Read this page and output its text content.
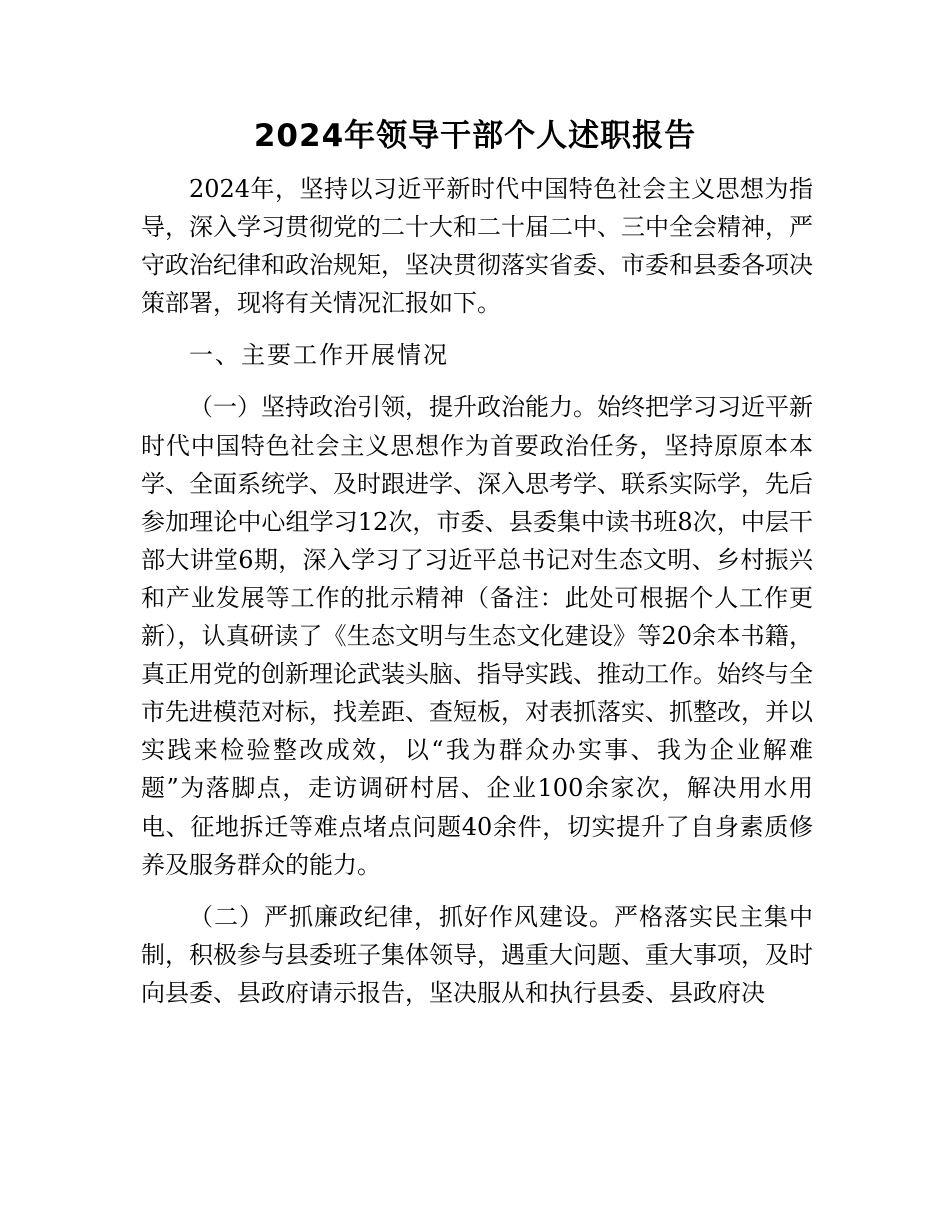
2024年领导干部个人述职报告

2024年，坚持以习近平新时代中国特色社会主义思想为指导，深入学习贯彻党的二十大和二十届二中、三中全会精神，严守政治纪律和政治规矩，坚决贯彻落实省委、市委和县委各项决策部署，现将有关情况汇报如下。

一、主要工作开展情况

（一）坚持政治引领，提升政治能力。始终把学习习近平新时代中国特色社会主义思想作为首要政治任务，坚持原原本本学、全面系统学、及时跟进学、深入思考学、联系实际学，先后参加理论中心组学习12次，市委、县委集中读书班8次，中层干部大讲堂6期，深入学习了习近平总书记对生态文明、乡村振兴和产业发展等工作的批示精神（备注：此处可根据个人工作更新），认真研读了《生态文明与生态文化建设》等20余本书籍，真正用党的创新理论武装头脑、指导实践、推动工作。始终与全市先进模范对标，找差距、查短板，对表抓落实、抓整改，并以实践来检验整改成效，以“我为群众办实事、我为企业解难题”为落脚点，走访调研村居、企业100余家次，解决用水用电、征地拆迁等难点堵点问题40余件，切实提升了自身素质修养及服务群众的能力。

（二）严抓廉政纪律，抓好作风建设。严格落实民主集中制，积极参与县委班子集体领导，遇重大问题、重大事项，及时向县委、县政府请示报告，坚决服从和执行县委、县政府决
